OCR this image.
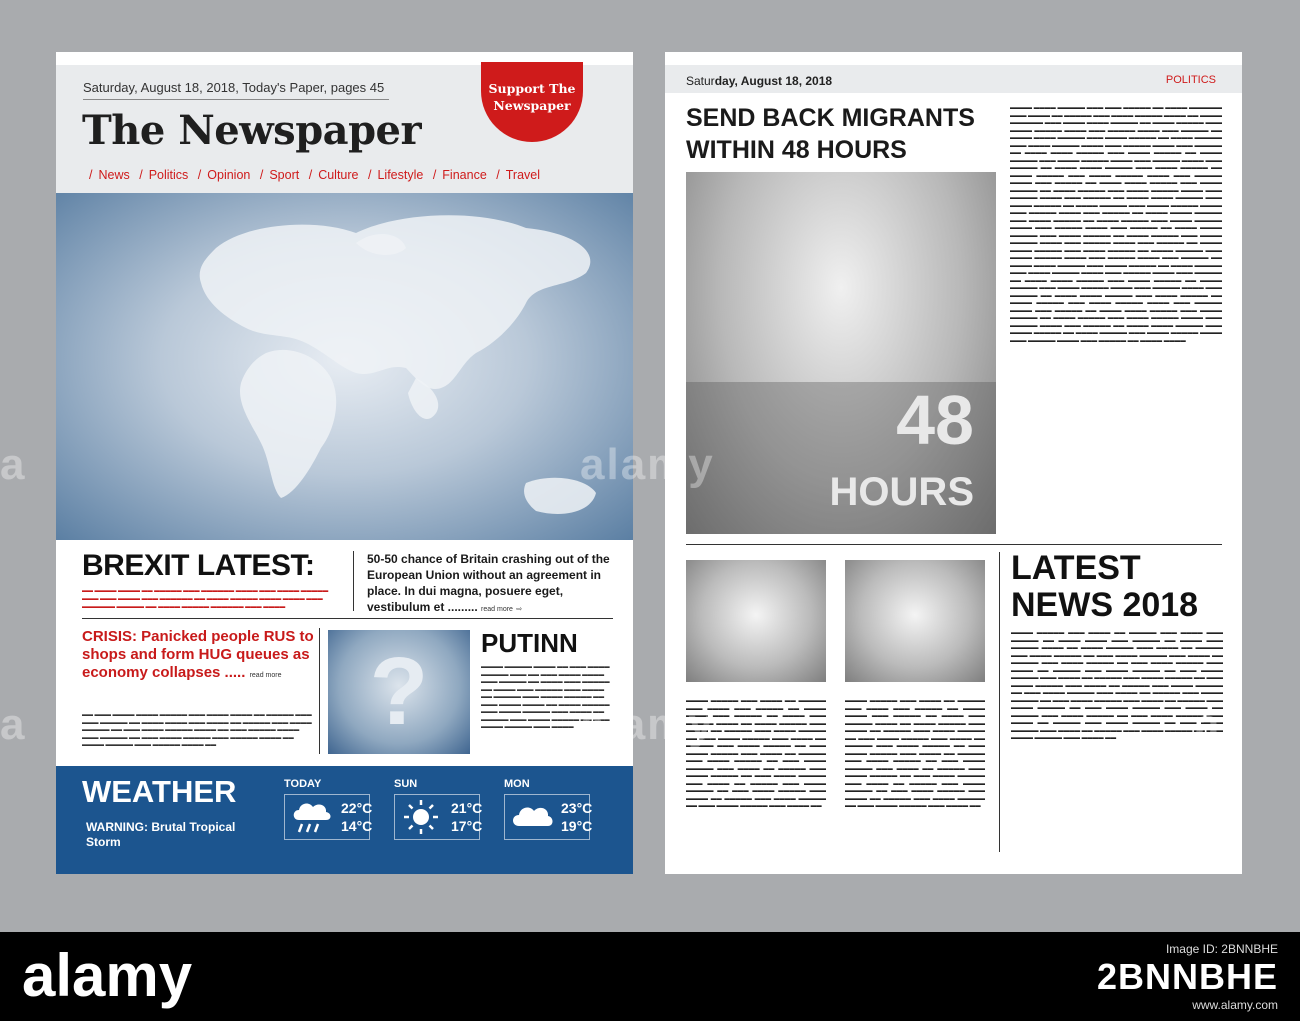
Saturday, August 18, 2018, Today's Paper, pages 45
The Newspaper
Support The
Newspaper
/ News / Politics / Opinion / Sport / Culture / Lifestyle / Finance / Travel
BREXIT LATEST:
▬▬ ▬▬▬▬ ▬▬▬▬ ▬▬ ▬▬▬▬▬ ▬▬▬ ▬▬▬▬▬▬ ▬▬▬▬ ▬▬▬ ▬▬▬▬ ▬▬▬▬▬ ▬▬▬ ▬▬▬ ▬▬▬▬ ▬▬▬ ▬▬▬▬▬▬ ▬▬ ▬▬▬▬ ▬▬▬▬▬ ▬▬▬▬ ▬▬▬▬ ▬▬▬ ▬▬▬▬▬▬ ▬▬▬▬▬ ▬▬ ▬▬▬▬ ▬▬▬▬▬ ▬▬▬▬▬▬ ▬▬▬ ▬▬▬▬
50-50 chance of Britain crashing out of the European Union without an agreement in place. In dui magna, posuere eget, vestibulum et ......... read more ⇨
CRISIS: Panicked people RUS to shops and form HUG queues as economy collapses ..... read more
▬▬ ▬▬▬ ▬▬▬▬ ▬▬▬▬ ▬▬▬▬▬ ▬▬▬ ▬▬▬▬ ▬▬▬▬ ▬▬ ▬▬▬▬▬ ▬▬▬ ▬▬▬ ▬▬▬▬▬ ▬▬ ▬▬▬▬ ▬▬▬▬ ▬▬▬ ▬▬▬▬ ▬▬ ▬▬▬▬▬ ▬▬▬ ▬▬▬▬ ▬▬▬▬▬ ▬▬ ▬▬▬ ▬▬▬▬ ▬▬▬▬▬ ▬▬▬▬ ▬▬ ▬▬▬ ▬▬▬▬▬ ▬▬▬▬ ▬▬▬ ▬▬▬▬▬ ▬▬ ▬▬▬ ▬▬▬▬ ▬▬▬▬▬ ▬▬▬ ▬▬▬▬▬ ▬▬▬▬ ▬▬ ▬▬▬▬ ▬▬▬▬▬ ▬▬▬ ▬▬▬▬▬ ▬▬▬▬ ▬▬	?	PUTINN
▬▬▬▬ ▬▬▬▬▬ ▬▬▬▬ ▬▬ ▬▬▬ ▬▬▬▬ ▬▬▬▬▬ ▬▬▬ ▬▬ ▬▬▬ ▬▬▬▬ ▬▬▬▬ ▬▬▬ ▬▬▬▬▬ ▬▬ ▬▬▬▬ ▬▬▬ ▬▬▬▬▬ ▬▬ ▬▬▬▬ ▬▬▬ ▬▬▬▬▬ ▬▬▬ ▬▬▬▬ ▬▬ ▬▬▬▬▬ ▬▬▬ ▬▬▬▬ ▬▬▬▬▬ ▬▬ ▬▬▬ ▬▬▬▬ ▬▬▬▬ ▬▬ ▬▬▬▬ ▬▬▬▬▬ ▬▬▬ ▬▬▬▬ ▬▬▬▬▬ ▬▬▬ ▬▬▬▬ ▬▬ ▬▬▬▬▬ ▬▬▬ ▬▬▬▬ ▬▬▬▬▬ ▬▬ ▬▬▬ ▬▬▬▬ ▬▬▬▬▬ ▬▬▬ ▬▬▬▬
WEATHER
WARNING: Brutal Tropical Storm
TODAY
22°C
14°C
SUN
21°C
17°C
MON
23°C
19°C
Saturday, August 18, 2018	POLITICS
SEND BACK MIGRANTS WITHIN 48 HOURS
48
HOURS
▬▬▬▬ ▬▬▬▬ ▬▬▬▬▬ ▬▬▬ ▬▬▬ ▬▬▬▬▬ ▬▬ ▬▬▬▬ ▬▬▬▬▬▬ ▬▬▬ ▬▬▬▬ ▬▬ ▬▬▬▬▬ ▬▬▬ ▬▬▬▬ ▬▬▬▬▬ ▬▬▬▬ ▬▬ ▬▬▬▬ ▬▬▬▬▬▬ ▬▬▬ ▬▬▬▬ ▬▬▬▬ ▬▬▬▬▬ ▬▬ ▬▬▬▬ ▬▬▬▬▬ ▬▬▬ ▬▬▬▬ ▬▬▬▬▬ ▬▬▬▬ ▬▬▬ ▬▬▬▬▬ ▬▬▬▬ ▬▬▬ ▬▬▬▬▬ ▬▬ ▬▬▬▬ ▬▬▬▬ ▬▬▬▬▬ ▬▬▬ ▬▬▬▬ ▬▬▬▬▬ ▬▬ ▬▬▬▬ ▬▬▬▬▬ ▬▬▬ ▬▬▬▬ ▬▬▬▬▬ ▬▬▬▬ ▬▬▬ ▬▬▬▬▬ ▬▬▬▬ ▬▬▬ ▬▬▬▬▬ ▬▬ ▬▬▬▬ ▬▬▬▬ ▬▬▬▬▬ ▬▬▬ ▬▬▬▬ ▬▬▬▬▬ ▬▬ ▬▬▬▬ ▬▬▬▬▬ ▬▬▬ ▬▬▬▬ ▬▬▬▬▬ ▬▬▬▬ ▬▬▬ ▬▬▬▬▬ ▬▬▬▬ ▬▬▬ ▬▬▬▬▬ ▬▬ ▬▬▬▬ ▬▬▬▬ ▬▬▬▬▬ ▬▬▬ ▬▬▬▬ ▬▬▬▬▬ ▬▬ ▬▬▬▬ ▬▬▬▬▬ ▬▬▬ ▬▬▬▬ ▬▬▬▬▬ ▬▬▬▬ ▬▬▬ ▬▬▬▬▬ ▬▬▬▬ ▬▬▬ ▬▬▬▬▬ ▬▬ ▬▬▬▬ ▬▬▬▬ ▬▬▬▬▬ ▬▬▬ ▬▬▬▬ ▬▬▬▬▬ ▬▬ ▬▬▬▬ ▬▬▬▬▬ ▬▬▬ ▬▬▬▬ ▬▬▬▬▬ ▬▬▬▬ ▬▬▬ ▬▬▬▬▬ ▬▬▬▬ ▬▬▬ ▬▬▬▬▬ ▬▬ ▬▬▬▬ ▬▬▬▬ ▬▬▬▬▬ ▬▬▬ ▬▬▬▬ ▬▬▬▬▬ ▬▬ ▬▬▬▬ ▬▬▬▬▬ ▬▬▬ ▬▬▬▬ ▬▬▬▬▬ ▬▬▬▬ ▬▬▬ ▬▬▬▬▬ ▬▬▬▬ ▬▬▬ ▬▬▬▬▬ ▬▬ ▬▬▬▬ ▬▬▬▬ ▬▬▬▬▬ ▬▬▬ ▬▬▬▬ ▬▬▬▬▬ ▬▬ ▬▬▬▬ ▬▬▬▬▬ ▬▬▬ ▬▬▬▬ ▬▬▬▬▬ ▬▬▬▬ ▬▬▬ ▬▬▬▬▬ ▬▬▬▬ ▬▬▬ ▬▬▬▬▬ ▬▬ ▬▬▬▬ ▬▬▬▬ ▬▬▬▬▬ ▬▬▬ ▬▬▬▬ ▬▬▬▬▬ ▬▬ ▬▬▬▬ ▬▬▬▬▬ ▬▬▬ ▬▬▬▬ ▬▬▬▬▬ ▬▬▬▬ ▬▬▬ ▬▬▬▬▬ ▬▬▬▬ ▬▬▬ ▬▬▬▬▬ ▬▬ ▬▬▬▬ ▬▬▬▬ ▬▬▬▬▬ ▬▬▬ ▬▬▬▬ ▬▬▬▬▬ ▬▬ ▬▬▬▬ ▬▬▬▬▬ ▬▬▬ ▬▬▬▬ ▬▬▬▬▬ ▬▬▬▬ ▬▬▬ ▬▬▬▬▬ ▬▬▬▬ ▬▬▬ ▬▬▬▬▬ ▬▬ ▬▬▬▬ ▬▬▬▬ ▬▬▬▬▬ ▬▬▬ ▬▬▬▬ ▬▬▬▬▬ ▬▬ ▬▬▬▬ ▬▬▬▬▬ ▬▬▬ ▬▬▬▬ ▬▬▬▬▬ ▬▬▬▬ ▬▬▬ ▬▬▬▬▬ ▬▬▬▬ ▬▬▬ ▬▬▬▬▬ ▬▬ ▬▬▬▬ ▬▬▬▬ ▬▬▬▬▬ ▬▬▬ ▬▬▬▬ ▬▬▬▬▬ ▬▬ ▬▬▬▬ ▬▬▬▬▬ ▬▬▬ ▬▬▬▬ ▬▬▬▬▬ ▬▬▬▬ ▬▬▬ ▬▬▬▬▬ ▬▬▬▬ ▬▬▬ ▬▬▬▬▬ ▬▬ ▬▬▬▬ ▬▬▬▬ ▬▬▬▬▬ ▬▬▬ ▬▬▬▬ ▬▬▬▬▬ ▬▬ ▬▬▬▬ ▬▬▬▬▬ ▬▬▬ ▬▬▬▬ ▬▬▬▬▬ ▬▬▬▬ ▬▬▬ ▬▬▬▬▬ ▬▬▬▬ ▬▬▬ ▬▬▬▬▬ ▬▬ ▬▬▬▬ ▬▬▬▬ ▬▬▬▬▬ ▬▬▬ ▬▬▬▬ ▬▬▬▬▬ ▬▬ ▬▬▬▬ ▬▬▬▬▬ ▬▬▬ ▬▬▬▬ ▬▬▬▬▬ ▬▬▬▬ ▬▬▬ ▬▬▬▬▬ ▬▬▬▬ ▬▬▬ ▬▬▬▬▬ ▬▬ ▬▬▬▬ ▬▬▬▬ ▬▬▬▬▬ ▬▬▬ ▬▬▬▬ ▬▬▬▬▬ ▬▬ ▬▬▬▬ ▬▬▬▬▬ ▬▬▬ ▬▬▬▬ ▬▬▬▬▬ ▬▬▬▬ ▬▬▬ ▬▬▬▬▬ ▬▬▬▬ ▬▬▬ ▬▬▬▬▬ ▬▬ ▬▬▬▬ ▬▬▬▬
▬▬▬▬ ▬▬▬▬▬ ▬▬▬ ▬▬▬▬ ▬▬ ▬▬▬▬▬ ▬▬▬ ▬▬▬▬ ▬▬▬ ▬▬▬▬▬ ▬▬ ▬▬▬▬ ▬▬▬▬ ▬▬▬ ▬▬▬▬▬ ▬▬ ▬▬▬▬ ▬▬▬ ▬▬▬▬▬ ▬▬▬▬ ▬▬ ▬▬▬▬ ▬▬▬▬▬ ▬▬▬ ▬▬▬▬ ▬▬ ▬▬▬▬▬ ▬▬▬ ▬▬▬▬ ▬▬▬▬▬ ▬▬ ▬▬▬ ▬▬▬▬ ▬▬▬▬▬ ▬▬▬ ▬▬▬▬ ▬▬ ▬▬▬▬▬ ▬▬▬ ▬▬▬▬ ▬▬▬▬▬ ▬▬ ▬▬▬ ▬▬▬▬ ▬▬▬▬▬ ▬▬▬ ▬▬▬▬ ▬▬ ▬▬▬▬▬ ▬▬▬ ▬▬▬▬ ▬▬▬▬▬ ▬▬ ▬▬▬ ▬▬▬▬ ▬▬▬▬▬ ▬▬▬ ▬▬▬▬ ▬▬ ▬▬▬▬▬ ▬▬▬ ▬▬▬▬ ▬▬▬▬▬ ▬▬ ▬▬▬ ▬▬▬▬ ▬▬▬▬▬ ▬▬▬ ▬▬▬▬ ▬▬ ▬▬▬▬▬ ▬▬▬ ▬▬▬▬ ▬▬▬▬▬ ▬▬ ▬▬▬ ▬▬▬▬ ▬▬▬▬▬ ▬▬▬ ▬▬▬▬ ▬▬ ▬▬▬▬▬ ▬▬▬ ▬▬▬▬ ▬▬▬▬▬ ▬▬ ▬▬▬ ▬▬▬▬ ▬▬▬▬▬ ▬▬▬ ▬▬▬▬ ▬▬
▬▬▬▬ ▬▬▬▬▬ ▬▬▬ ▬▬▬▬ ▬▬ ▬▬▬▬▬ ▬▬▬ ▬▬▬▬ ▬▬▬ ▬▬▬▬▬ ▬▬ ▬▬▬▬ ▬▬▬▬ ▬▬▬ ▬▬▬▬▬ ▬▬ ▬▬▬▬ ▬▬▬ ▬▬▬▬▬ ▬▬▬▬ ▬▬ ▬▬▬▬ ▬▬▬▬▬ ▬▬▬ ▬▬▬▬ ▬▬ ▬▬▬▬▬ ▬▬▬ ▬▬▬▬ ▬▬▬▬▬ ▬▬ ▬▬▬ ▬▬▬▬ ▬▬▬▬▬ ▬▬▬ ▬▬▬▬ ▬▬ ▬▬▬▬▬ ▬▬▬ ▬▬▬▬ ▬▬▬▬▬ ▬▬ ▬▬▬ ▬▬▬▬ ▬▬▬▬▬ ▬▬▬ ▬▬▬▬ ▬▬ ▬▬▬▬▬ ▬▬▬ ▬▬▬▬ ▬▬▬▬▬ ▬▬ ▬▬▬ ▬▬▬▬ ▬▬▬▬▬ ▬▬▬ ▬▬▬▬ ▬▬ ▬▬▬▬▬ ▬▬▬ ▬▬▬▬ ▬▬▬▬▬ ▬▬ ▬▬▬ ▬▬▬▬ ▬▬▬▬▬ ▬▬▬ ▬▬▬▬ ▬▬ ▬▬▬▬▬ ▬▬▬ ▬▬▬▬ ▬▬▬▬▬ ▬▬ ▬▬▬ ▬▬▬▬ ▬▬▬▬▬ ▬▬▬ ▬▬▬▬ ▬▬ ▬▬▬▬▬ ▬▬▬ ▬▬▬▬ ▬▬▬▬▬ ▬▬ ▬▬▬ ▬▬▬▬ ▬▬▬▬▬ ▬▬▬ ▬▬▬▬ ▬▬
LATEST NEWS 2018
▬▬▬▬ ▬▬▬▬▬ ▬▬▬ ▬▬▬▬ ▬▬ ▬▬▬▬▬ ▬▬▬ ▬▬▬▬ ▬▬▬ ▬▬▬▬▬ ▬▬ ▬▬▬▬ ▬▬▬▬ ▬▬▬ ▬▬▬▬▬ ▬▬ ▬▬▬▬ ▬▬▬ ▬▬▬▬▬ ▬▬▬▬ ▬▬ ▬▬▬▬ ▬▬▬▬▬ ▬▬▬ ▬▬▬▬ ▬▬ ▬▬▬▬▬ ▬▬▬ ▬▬▬▬ ▬▬▬▬▬ ▬▬ ▬▬▬ ▬▬▬▬ ▬▬▬▬▬ ▬▬▬ ▬▬▬▬ ▬▬ ▬▬▬▬▬ ▬▬▬ ▬▬▬▬ ▬▬▬▬▬ ▬▬ ▬▬▬ ▬▬▬▬ ▬▬▬▬▬ ▬▬▬ ▬▬▬▬ ▬▬ ▬▬▬▬▬ ▬▬▬ ▬▬▬▬ ▬▬▬▬▬ ▬▬ ▬▬▬ ▬▬▬▬ ▬▬▬▬▬ ▬▬▬ ▬▬▬▬ ▬▬ ▬▬▬▬▬ ▬▬▬ ▬▬▬▬ ▬▬▬▬▬ ▬▬ ▬▬▬ ▬▬▬▬ ▬▬▬▬▬ ▬▬▬ ▬▬▬▬ ▬▬ ▬▬▬▬▬ ▬▬▬ ▬▬▬▬ ▬▬▬▬▬ ▬▬ ▬▬▬ ▬▬▬▬ ▬▬▬▬▬ ▬▬▬ ▬▬▬▬ ▬▬ ▬▬▬▬▬ ▬▬▬ ▬▬▬▬ ▬▬▬▬▬ ▬▬ ▬▬▬ ▬▬▬▬ ▬▬▬▬▬ ▬▬▬ ▬▬▬▬ ▬▬ ▬▬▬▬▬ ▬▬▬ ▬▬▬▬ ▬▬▬▬▬ ▬▬ ▬▬▬ ▬▬▬▬ ▬▬▬▬▬ ▬▬▬ ▬▬▬▬ ▬▬ ▬▬▬▬▬ ▬▬▬ ▬▬▬▬ ▬▬▬▬▬ ▬▬ ▬▬▬ ▬▬▬▬ ▬▬▬▬▬ ▬▬▬ ▬▬▬▬ ▬▬ ▬▬▬▬▬ ▬▬▬ ▬▬▬▬ ▬▬▬▬▬ ▬▬ ▬▬▬ ▬▬▬▬ ▬▬▬▬▬ ▬▬▬ ▬▬▬▬ ▬▬ ▬▬▬▬▬ ▬▬▬ ▬▬▬▬ ▬▬▬▬▬ ▬▬ ▬▬▬ ▬▬▬▬ ▬▬▬▬▬ ▬▬▬ ▬▬▬▬ ▬▬
a	alamy
a	alamy
al
al
alamy	Image ID: 2BNNBHE
2BNNBHE
www.alamy.com
